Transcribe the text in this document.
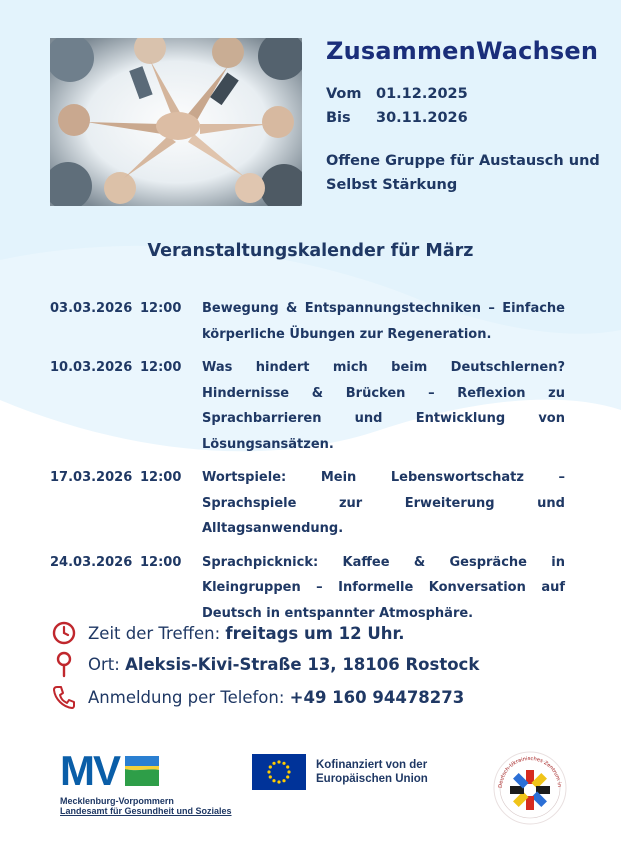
ZusammenWachsen
Vom 01.12.2025
Bis 30.11.2026
Offene Gruppe für Austausch und Selbst Stärkung
Veranstaltungskalender für März
03.03.2026 12:00	Bewegung & Entspannungstechniken – Einfache körperliche Übungen zur Regeneration.
10.03.2026 12:00	Was hindert mich beim Deutschlernen? Hindernisse & Brücken – Reflexion zu Sprachbarrieren und Entwicklung von Lösungsansätzen.
17.03.2026 12:00	Wortspiele: Mein Lebenswortschatz – Sprachspiele zur Erweiterung und Alltagsanwendung.
24.03.2026 12:00	Sprachpicknick: Kaffee & Gespräche in Kleingruppen – Informelle Konversation auf Deutsch in entspannter Atmosphäre.
Zeit der Treffen:
freitags um 12 Uhr.
Ort:
Aleksis-Kivi-Straße 13, 18106 Rostock
Anmeldung per Telefon:
+49 160 94478273
MV
Mecklenburg-Vorpommern
Landesamt für Gesundheit und Soziales
Kofinanziert von der
Europäischen Union
Deutsch-Ukrainisches Zentrum in
